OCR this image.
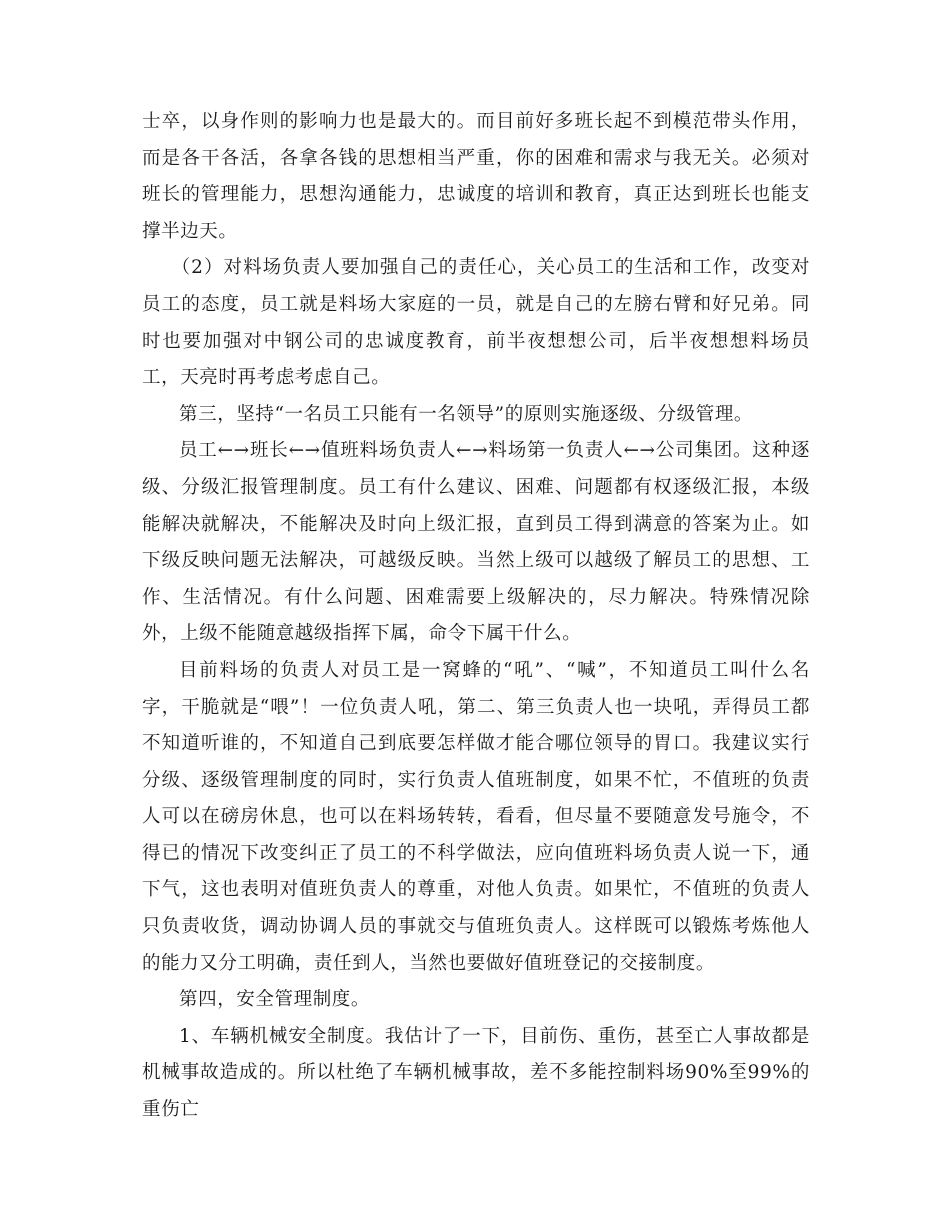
士卒，以身作则的影响力也是最大的。而目前好多班长起不到模范带头作用，而是各干各活，各拿各钱的思想相当严重，你的困难和需求与我无关。必须对班长的管理能力，思想沟通能力，忠诚度的培训和教育，真正达到班长也能支撑半边天。

（2）对料场负责人要加强自己的责任心，关心员工的生活和工作，改变对员工的态度，员工就是料场大家庭的一员，就是自己的左膀右臂和好兄弟。同时也要加强对中钢公司的忠诚度教育，前半夜想想公司，后半夜想想料场员工，天亮时再考虑考虑自己。

第三，坚持“一名员工只能有一名领导”的原则实施逐级、分级管理。

员工←→班长←→值班料场负责人←→料场第一负责人←→公司集团。这种逐级、分级汇报管理制度。员工有什么建议、困难、问题都有权逐级汇报，本级能解决就解决，不能解决及时向上级汇报，直到员工得到满意的答案为止。如下级反映问题无法解决，可越级反映。当然上级可以越级了解员工的思想、工作、生活情况。有什么问题、困难需要上级解决的，尽力解决。特殊情况除外，上级不能随意越级指挥下属，命令下属干什么。

目前料场的负责人对员工是一窝蜂的“吼”、“喊”，不知道员工叫什么名字，干脆就是“喂”！一位负责人吼，第二、第三负责人也一块吼，弄得员工都不知道听谁的，不知道自己到底要怎样做才能合哪位领导的胃口。我建议实行分级、逐级管理制度的同时，实行负责人值班制度，如果不忙，不值班的负责人可以在磅房休息，也可以在料场转转，看看，但尽量不要随意发号施令，不得已的情况下改变纠正了员工的不科学做法，应向值班料场负责人说一下，通下气，这也表明对值班负责人的尊重，对他人负责。如果忙，不值班的负责人只负责收货，调动协调人员的事就交与值班负责人。这样既可以锻炼考炼他人的能力又分工明确，责任到人，当然也要做好值班登记的交接制度。

第四，安全管理制度。

1、车辆机械安全制度。我估计了一下，目前伤、重伤，甚至亡人事故都是机械事故造成的。所以杜绝了车辆机械事故，差不多能控制料场90%至99%的重伤亡
